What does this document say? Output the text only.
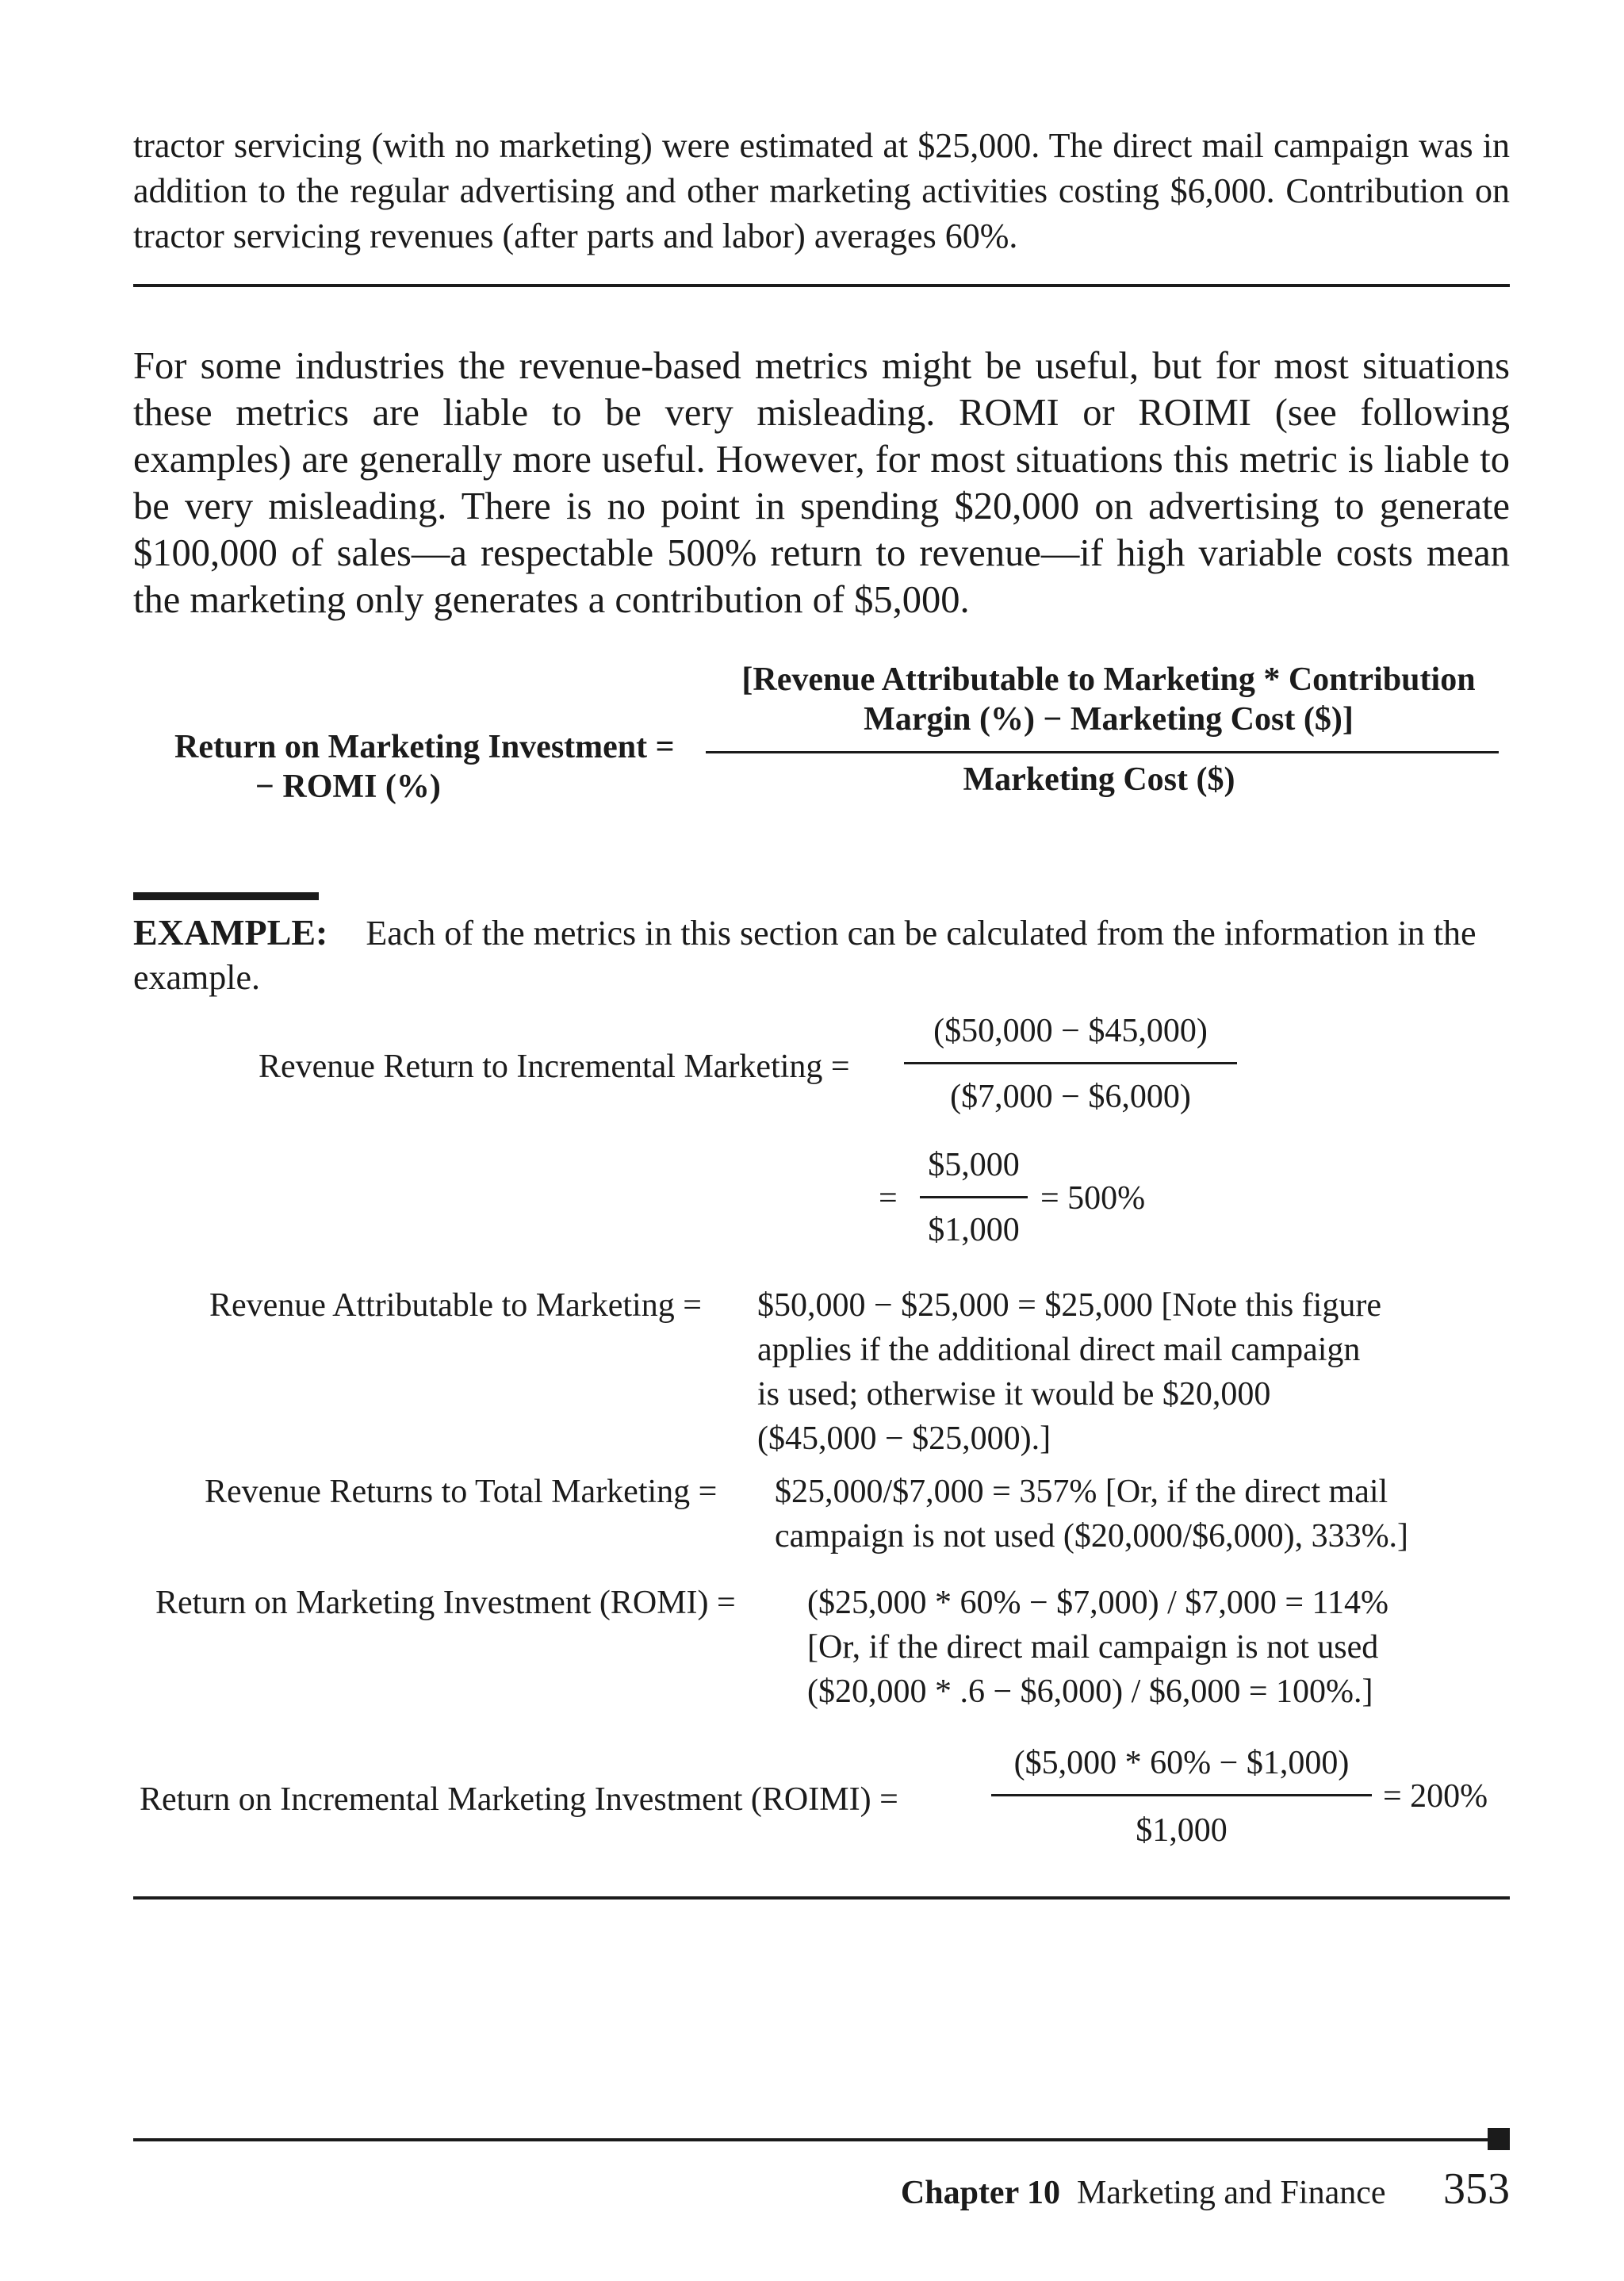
tractor servicing (with no marketing) were estimated at $25,000. The direct mail campaign was in addition to the regular advertising and other marketing activities costing $6,000. Contribution on tractor servicing revenues (after parts and labor) averages 60%.
For some industries the revenue-based metrics might be useful, but for most situations these metrics are liable to be very misleading. ROMI or ROIMI (see following examples) are generally more useful. However, for most situations this metric is liable to be very misleading. There is no point in spending $20,000 on advertising to generate $100,000 of sales—a respectable 500% return to revenue—if high variable costs mean the marketing only generates a contribution of $5,000.
Return on Marketing Investment =
− ROMI (%)
[Revenue Attributable to Marketing * Contribution
Margin (%) − Marketing Cost ($)]
Marketing Cost ($)
EXAMPLE: Each of the metrics in this section can be calculated from the information in the example.
Revenue Return to Incremental Marketing =
($50,000 − $45,000)
($7,000 − $6,000)
=
$5,000
$1,000
= 500%
Revenue Attributable to Marketing = $50,000 − $25,000 = $25,000 [Note this figure
applies if the additional direct mail campaign
is used; otherwise it would be $20,000
($45,000 − $25,000).]
Revenue Returns to Total Marketing = $25,000/$7,000 = 357% [Or, if the direct mail
campaign is not used ($20,000/$6,000), 333%.]
Return on Marketing Investment (ROMI) = ($25,000 * 60% − $7,000) / $7,000 = 114%
[Or, if the direct mail campaign is not used
($20,000 * .6 − $6,000) / $6,000 = 100%.]
Return on Incremental Marketing Investment (ROIMI) =
($5,000 * 60% − $1,000)
$1,000
= 200%
Chapter 10 Marketing and Finance 353
